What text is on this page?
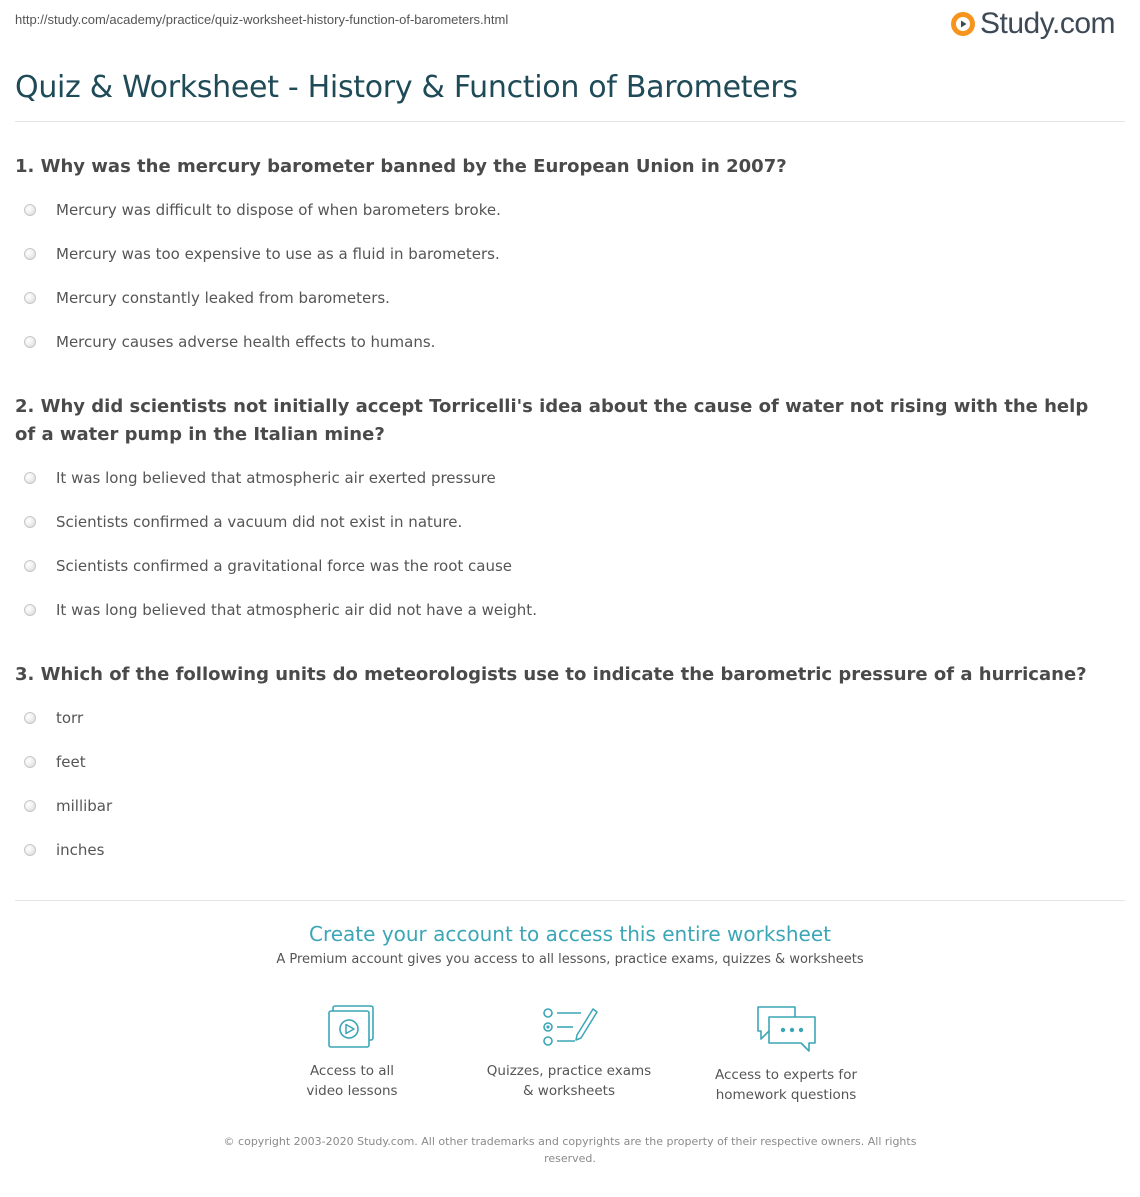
http://study.com/academy/practice/quiz-worksheet-history-function-of-barometers.html	Study.com
Quiz & Worksheet - History & Function of Barometers

1. Why was the mercury barometer banned by the European Union in 2007?

Mercury was difficult to dispose of when barometers broke.
Mercury was too expensive to use as a fluid in barometers.
Mercury constantly leaked from barometers.
Mercury causes adverse health effects to humans.

2. Why did scientists not initially accept Torricelli's idea about the cause of water not rising with the help of a water pump in the Italian mine?

It was long believed that atmospheric air exerted pressure
Scientists confirmed a vacuum did not exist in nature.
Scientists confirmed a gravitational force was the root cause
It was long believed that atmospheric air did not have a weight.

3. Which of the following units do meteorologists use to indicate the barometric pressure of a hurricane?

torr
feet
millibar
inches
Create your account to access this entire worksheet
A Premium account gives you access to all lessons, practice exams, quizzes & worksheets
Access to all
video lessons
Quizzes, practice exams
& worksheets
Access to experts for
homework questions
© copyright 2003-2020 Study.com. All other trademarks and copyrights are the property of their respective owners. All rights reserved.
